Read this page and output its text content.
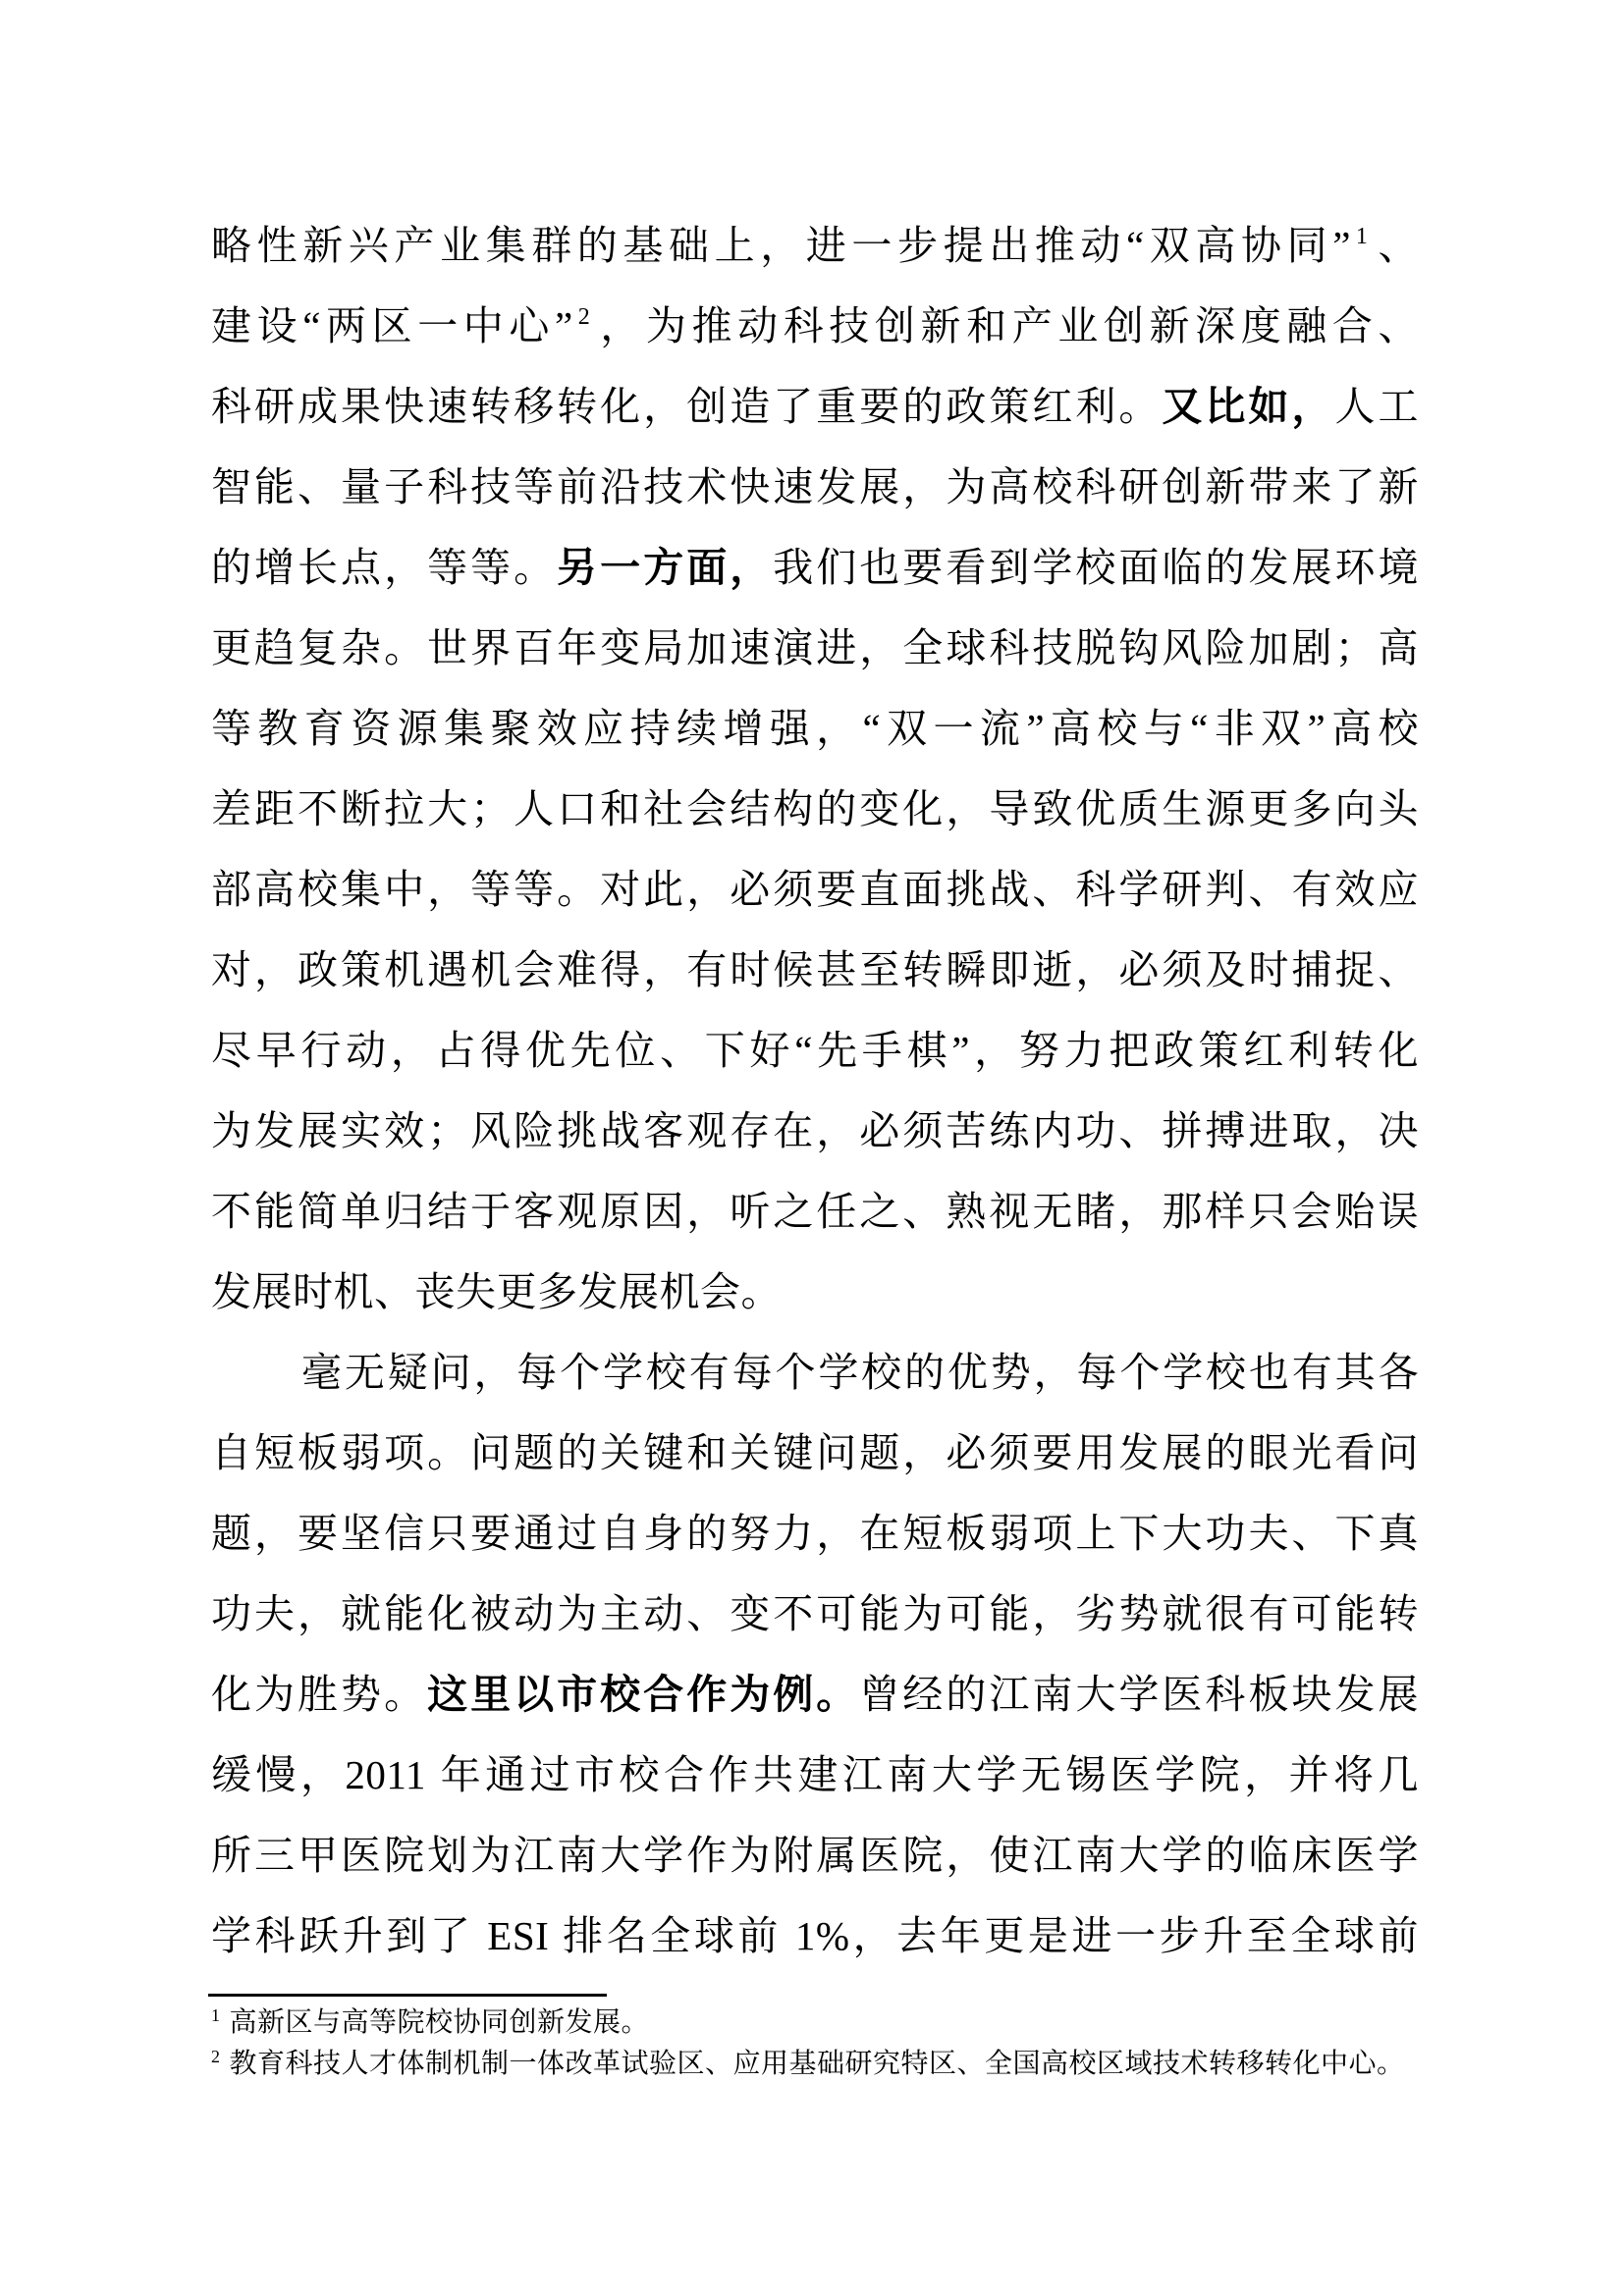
略性新兴产业集群的基础上，进一步提出推动“双高协同” $^1$ 、
建设“两区一中心” $^2$ ，为推动科技创新和产业创新深度融合、
科研成果快速转移转化，创造了重要的政策红利。又比如，人工
智能、量子科技等前沿技术快速发展，为高校科研创新带来了新
的增长点，等等。另一方面，我们也要看到学校面临的发展环境
更趋复杂。世界百年变局加速演进，全球科技脱钩风险加剧；高
等教育资源集聚效应持续增强，“双一流”高校与“非双”高校
差距不断拉大；人口和社会结构的变化，导致优质生源更多向头
部高校集中，等等。对此，必须要直面挑战、科学研判、有效应
对，政策机遇机会难得，有时候甚至转瞬即逝，必须及时捕捉、
尽早行动，占得优先位、下好“先手棋”，努力把政策红利转化
为发展实效；风险挑战客观存在，必须苦练内功、拼搏进取，决
不能简单归结于客观原因，听之任之、熟视无睹，那样只会贻误
发展时机、丧失更多发展机会。
毫无疑问，每个学校有每个学校的优势，每个学校也有其各
自短板弱项。问题的关键和关键问题，必须要用发展的眼光看问
题，要坚信只要通过自身的努力，在短板弱项上下大功夫、下真
功夫，就能化被动为主动、变不可能为可能，劣势就很有可能转
化为胜势。这里以市校合作为例。曾经的江南大学医科板块发展
缓慢，2011 年通过市校合作共建江南大学无锡医学院，并将几
所三甲医院划为江南大学作为附属医院，使江南大学的临床医学
学科跃升到了 ESI 排名全球前 1%，去年更是进一步升至全球前
$^1$ 高新区与高等院校协同创新发展。
$^2$ 教育科技人才体制机制一体改革试验区、应用基础研究特区、全国高校区域技术转移转化中心。
